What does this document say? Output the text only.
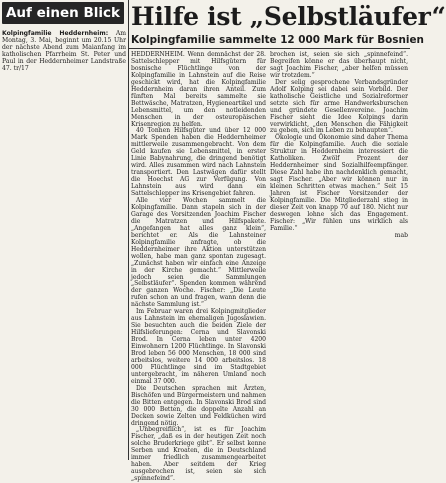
Auf einen Blick
Kolpingfamilie Heddernheim: Am Montag, 3. Mai, beginnt um 20.15 Uhr der nächste Abend zum Maianfang im katholischen Pfarrheim St. Peter und Paul in der Heddernheimer Landstraße 47. tr/17
Hilfe ist „Selbstläufer“
Kolpingfamilie sammelte 12 000 Mark für Bosnien

HEDDERNHEIM. Wenn demnächst der 28. Sattelschlepper mit Hilfsgütern für bosnische Flüchtlinge von der Kolpingfamilie in Lahnstein auf die Reise geschickt wird, hat die Kolpingfamilie Heddernheim daran ihren Anteil. Zum fünften Mal bereits sammelte sie Bettwäsche, Matratzen, Hygieneartikel und Lebensmittel, um den notleidenden Menschen in der osteuropäischen Krisenregion zu helfen.

40 Tonnen Hilfsgüter und über 12 000 Mark Spenden haben die Heddernheimer mittlerweile zusammengebracht. Von dem Geld kaufen sie Lebensmittel, in erster Linie Babynahrung, die dringend benötigt wird. Alles zusammen wird nach Lahnstein transportiert. Den Lastwägen dafür stellt die Hoechst AG zur Verfügung. Von Lahnstein aus wird dann ein Sattelschlepper ins Krisengebiet fahren.

Alle vier Wochen sammelt die Kolpingfamilie. Dann stapeln sich in der Garage des Vorsitzenden Joachim Fischer die Matratzen und Hilfspakete. „Angefangen hat alles ganz klein“, berichtet er. Als die Lahnsteiner Kolpingfamilie anfragte, ob die Heddernheimer ihre Aktion unterstützen wollen, habe man ganz spontan zugesagt. „Zunächst haben wir einfach eine Anzeige in der Kirche gemacht.“ Mittlerweile jedoch seien die Sammlungen „Selbstläufer“. Spenden kommen während der ganzen Woche. Fischer: „Die Leute rufen schon an und fragen, wann denn die nächste Sammlung ist.“

Im Februar waren drei Kolpingmitglieder aus Lahnstein im ehemaligen Jugoslawien. Sie besuchten auch die beiden Ziele der Hilfslieferungen: Cerna und Slavonski Brod. In Cerna leben unter 4200 Einwohnern 1200 Flüchtlinge. In Slavonski Brod leben 56 000 Menschen, 18 000 sind arbeitslos, weitere 14 000 arbeitslos. 18 000 Flüchtlinge sind im Stadtgebiet untergebracht, im näheren Umland noch einmal 37 000.

Die Deutschen sprachen mit Ärzten, Bischöfen und Bürgermeistern und nahmen die Bitten entgegen. In Slavonski Brod sind 30 000 Betten, die doppelte Anzahl an Decken sowie Zelten und Feldküchen wird dringend nötig.

„Unbegreiflich“, ist es für Joachim Fischer, „daß es in der heutigen Zeit noch solche Bruderkriege gibt“. Er selbst kenne Serben und Kroaten, die in Deutschland immer friedlich zusammengearbeitet haben. Aber seitdem der Krieg ausgebrochen ist, seien sie sich „spinnefeind“.

brochen ist, seien sie sich „spinnefeind“. Begreifen könne er das überhaupt nicht, sagt Joachim Fischer, „aber helfen müssen wir trotzdem.“

Der selig gesprochene Verbandsgründer Adolf Kolping sei dabei sein Vorbild. Der katholische Geistliche und Sozialreformer setzte sich für arme Handwerksburschen und gründete Gesellenvereine. Joachim Fischer sieht die Idee Kolpings darin verwirklicht, „den Menschen die Fähigkeit zu geben, sich im Leben zu behaupten“.

Ökologie und Ökonomie sind daher Thema für die Kolpingfamilie. Auch die soziale Struktur in Heddernheim interessiert die Katholiken. Zwölf Prozent der Heddernheimer sind Sozialhilfeempfänger. Diese Zahl habe ihn nachdenklich gemacht, sagt Fischer. „Aber wir können nur in kleinen Schritten etwas machen.“ Seit 15 Jahren ist Fischer Vorsitzender der Kolpingfamilie. Die Mitgliederzahl stieg in dieser Zeit von knapp 70 auf 180. Nicht nur deswegen lohne sich das Engagement. Fischer: „Wir fühlen uns wirklich als Familie.“

mab
